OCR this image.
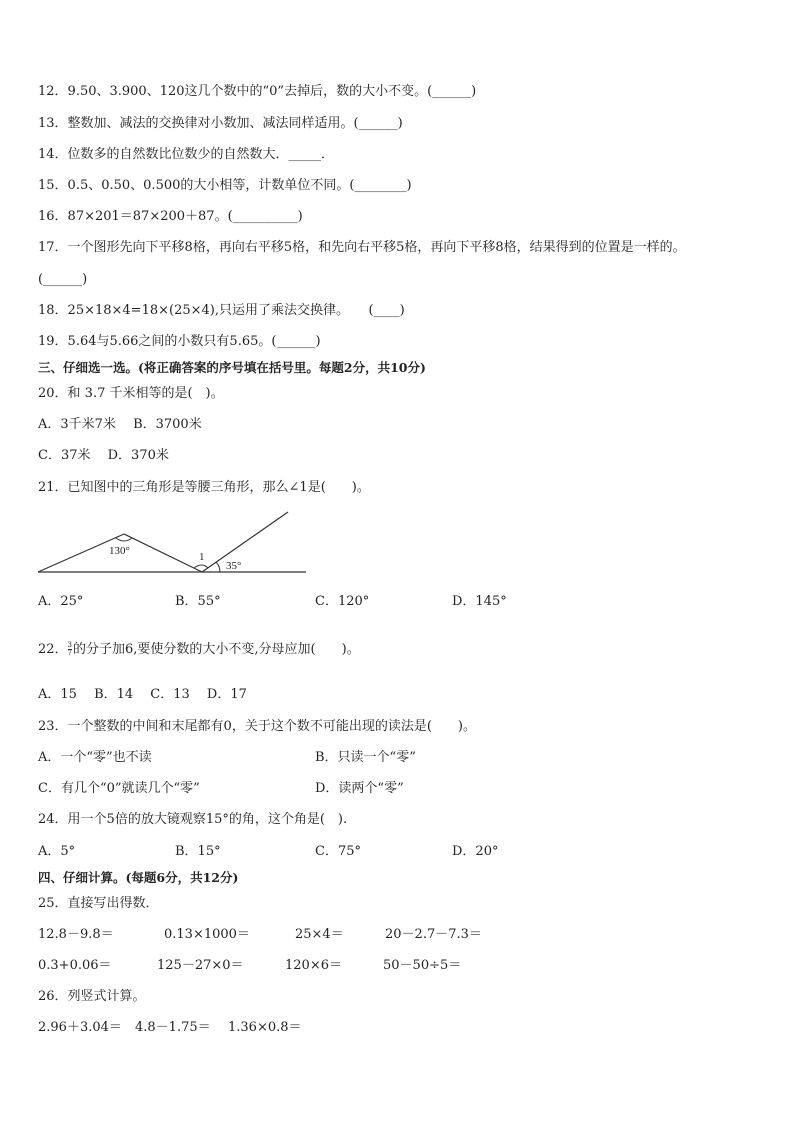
12．9.50、3.900、120这几个数中的“0”去掉后，数的大小不变。(______)
13．整数加、减法的交换律对小数加、减法同样适用。(______)
14．位数多的自然数比位数少的自然数大．_____．
15．0.5、0.50、0.500的大小相等，计数单位不同。(________)
16．87×201＝87×200＋87。(__________)
17．一个图形先向下平移8格，再向右平移5格，和先向右平移5格，再向下平移8格，结果得到的位置是一样的。
(______)
18．25×18×4=18×(25×4),只运用了乘法交换律。　　(____)
19．5.64与5.66之间的小数只有5.65。(______)
三、仔细选一选。(将正确答案的序号填在括号里。每题2分，共10分)
20．和 3.7 千米相等的是(　)。
A．3千米7米　 B．3700米
C．37米　 D．370米
21．已知图中的三角形是等腰三角形，那么∠1是(　　)。
130°	1
35°
A．25°	B．55°	C．120°	D．145°
22． $\frac{3}{7}$ 的分子加6,要使分数的大小不变,分母应加(　　)。
A．15　 B．14　 C．13　 D．17
23．一个整数的中间和末尾都有0，关于这个数不可能出现的读法是(　　)。
A．一个“零”也不读	B．只读一个“零”
C．有几个“0”就读几个“零”	D．读两个“零”
24．用一个5倍的放大镜观察15°的角，这个角是(　).
A．5°	B．15°	C．75°	D．20°
四、仔细计算。(每题6分，共12分)
25．直接写出得数．
12.8－9.8＝	0.13×1000＝	25×4＝	20－2.7－7.3＝
0.3+0.06＝	125－27×0＝	120×6＝	50－50÷5＝
26．列竖式计算。
2.96＋3.04＝ 4.8－1.75＝ 1.36×0.8＝
